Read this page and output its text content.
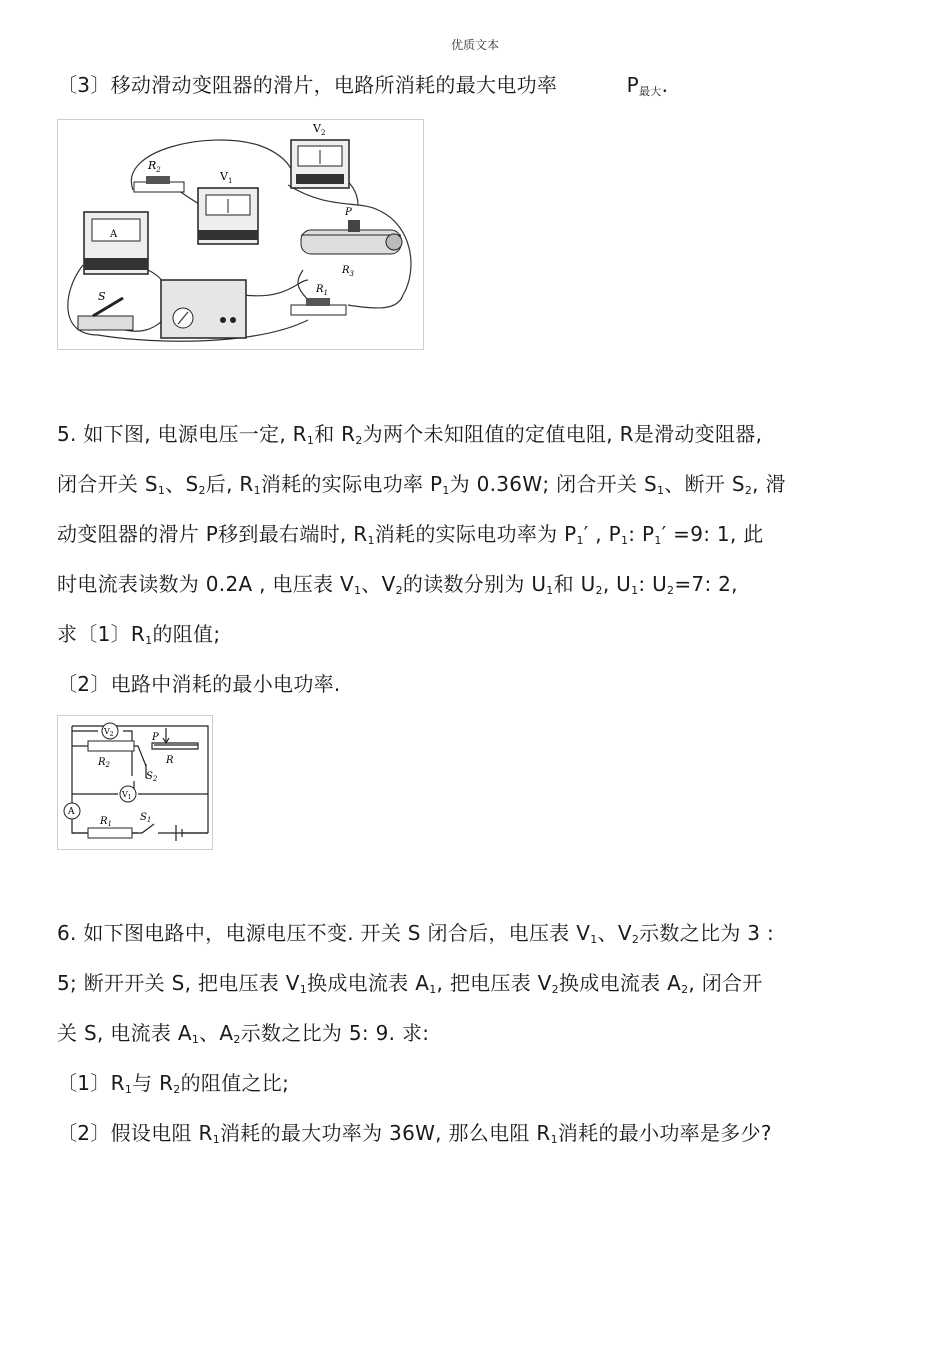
优质文本
〔3〕移动滑动变阻器的滑片，电路所消耗的最大电功率	$P_{最大}$.
$R_2$
$V_2$
$V_1$
A
P
$R_3$
S
$R_1$
5. 如下图, 电源电压一定, $R_1$和 $R_2$为两个未知阻值的定值电阻, R是滑动变阻器,
闭合开关 $S_1$、$S_2$后, $R_1$消耗的实际电功率 $P_1$为 0.36W; 闭合开关 $S_1$、断开 $S_2$, 滑
动变阻器的滑片 P移到最右端时, $R_1$消耗的实际电功率为 $P_1'$ , $P_1$: $P_1' =9$: 1, 此
时电流表读数为 0.2A , 电压表 $V_1$、$V_2$的读数分别为 $U_1$和 $U_2$, $U_1$: $U_2=7$: 2,
求〔1〕$R_1$的阻值;
〔2〕电路中消耗的最小电功率.
$V_2$
$V_1$
A
$R_2$
$S_2$
P
R
$R_1$
$S_1$
6. 如下图电路中，电源电压不变. 开关 S 闭合后，电压表 $V_1$、$V_2$示数之比为 3 :
5; 断开开关 S, 把电压表 $V_1$换成电流表 $A_1$, 把电压表 $V_2$换成电流表 $A_2$, 闭合开
关 S, 电流表 $A_1$、$A_2$示数之比为 5: 9. 求:
〔1〕$R_1$与 $R_2$的阻值之比;
〔2〕假设电阻 $R_1$消耗的最大功率为 36W, 那么电阻 $R_1$消耗的最小功率是多少?
